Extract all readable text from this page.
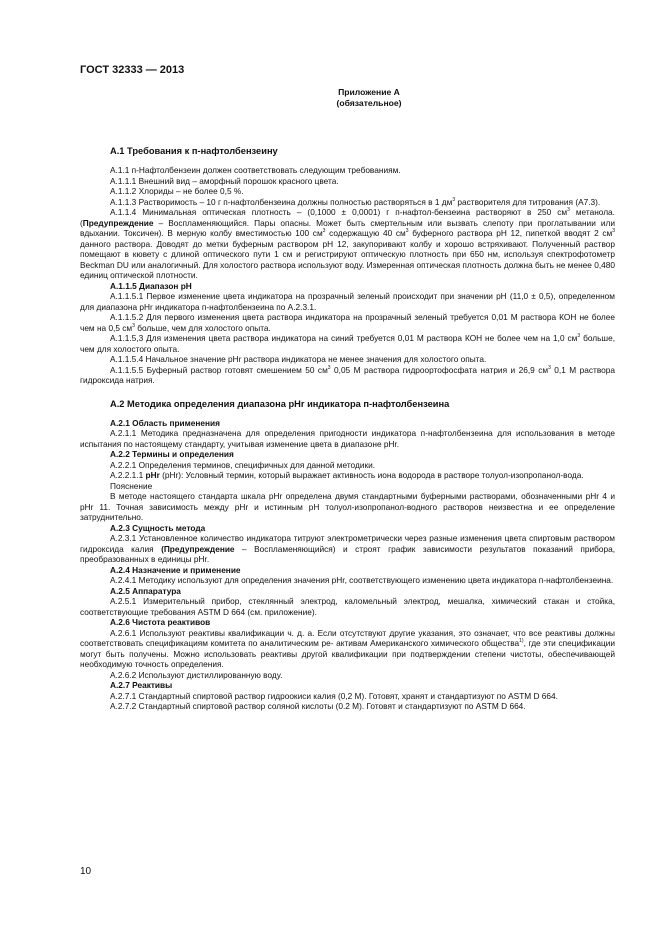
ГОСТ 32333 — 2013
Приложение А
(обязательное)
А.1 Требования к п-нафтолбензеину

А.1.1 п-Нафтолбензеин должен соответствовать следующим требованиям.

А.1.1.1 Внешний вид – аморфный порошок красного цвета.

А.1.1.2 Хлориды – не более 0,5 %.

А.1.1.3 Растворимость – 10 г п-нафтолбензеина должны полностью растворяться в 1 $дм^3$ растворителя для титрования (А7.3).

А.1.1.4 Минимальная оптическая плотность – (0,1000 ± 0,0001) г п-нафтол-бензеина растворяют в 250 $см^3$ метанола. (Предупреждение – Воспламеняющийся. Пары опасны. Может быть смертельным или вызвать слепоту при проглатывании или вдыхании. Токсичен). В мерную колбу вместимостью 100 $см^3$ содержащую 40 $см^3$ буферного раствора pH 12, пипеткой вводят 2 $см^3$ данного раствора. Доводят до метки буферным раствором pH 12, закупоривают колбу и хорошо встряхивают. Полученный раствор помещают в кювету с длиной оптического пути 1 см и регистрируют оптическую плотность при 650 нм, используя спектрофотометр Beckman DU или аналогичный. Для холостого раствора используют воду. Измеренная оптическая плотность должна быть не менее 0,480 единиц оптической плотности.

А.1.1.5 Диапазон pH

А.1.1.5.1 Первое изменение цвета индикатора на прозрачный зеленый происходит при значении pH (11,0 ± 0,5), определенном для диапазона pHr индикатора п-нафтолбензеина по А.2.3.1.

А.1.1.5.2 Для первого изменения цвета раствора индикатора на прозрачный зеленый требуется 0,01 М раствора КОН не более чем на 0,5 $см^3$ больше, чем для холостого опыта.

А.1.1.5,3 Для изменения цвета раствора индикатора на синий требуется 0,01 М раствора КОН не более чем на 1,0 $см^3$ больше, чем для холостого опыта.

А.1.1.5.4 Начальное значение pHr раствора индикатора не менее значения для холостого опыта.

А.1.1.5.5 Буферный раствор готовят смешением 50 $см^3$ 0,05 М раствора гидроортофосфата натрия и 26,9 $см^3$ 0,1 М раствора гидроксида натрия.

А.2 Методика определения диапазона pHr индикатора п-нафтолбензеина

А.2.1 Область применения

А.2.1.1 Методика предназначена для определения пригодности индикатора п-нафтолбензеина для использования в методе испытания по настоящему стандарту, учитывая изменение цвета в диапазоне pHr.

А.2.2 Термины и определения

А.2.2.1 Определения терминов, специфичных для данной методики.

А.2.2.1.1 pHr (pHr): Условный термин, который выражает активность иона водорода в растворе толуол-изопропанол-вода.

Пояснение

В методе настоящего стандарта шкала pHr определена двумя стандартными буферными растворами, обозначенными pHr 4 и pHr 11. Точная зависимость между pHr и истинным pH толуол-изопропанол-водного растворов неизвестна и ее определение затруднительно.

А.2.3 Сущность метода

А.2.3.1 Установленное количество индикатора титруют электрометрически через разные изменения цвета спиртовым раствором гидроксида калия (Предупреждение – Воспламеняющийся) и строят график зависимости результатов показаний прибора, преобразованных в единицы pHr.

А.2.4 Назначение и применение

А.2.4.1 Методику используют для определения значения pHr, соответствующего изменению цвета индикатора п-нафтолбензеина.

А.2.5 Аппаратура

А.2.5.1 Измерительный прибор, стеклянный электрод, каломельный электрод, мешалка, химический стакан и стойка, соответствующие требования ASTM D 664 (см. приложение).

А.2.6 Чистота реактивов

А.2.6.1 Используют реактивы квалификации ч. д. а. Если отсутствуют другие указания, это означает, что все реактивы должны соответствовать спецификациям комитета по аналитическим ре- активам Американского химического общества$^{1)}$, где эти спецификации могут быть получены. Можно использовать реактивы другой квалификации при подтверждении степени чистоты, обеспечивающей необходимую точность определения.

А.2.6.2 Используют дистиллированную воду.

А.2.7 Реактивы

А.2.7.1 Стандартный спиртовой раствор гидроокиси калия (0,2 М). Готовят, хранят и стандартизуют по ASTM D 664.

А.2.7.2 Стандартный спиртовой раствор соляной кислоты (0.2 М). Готовят и стандартизуют по ASTM D 664.

10
